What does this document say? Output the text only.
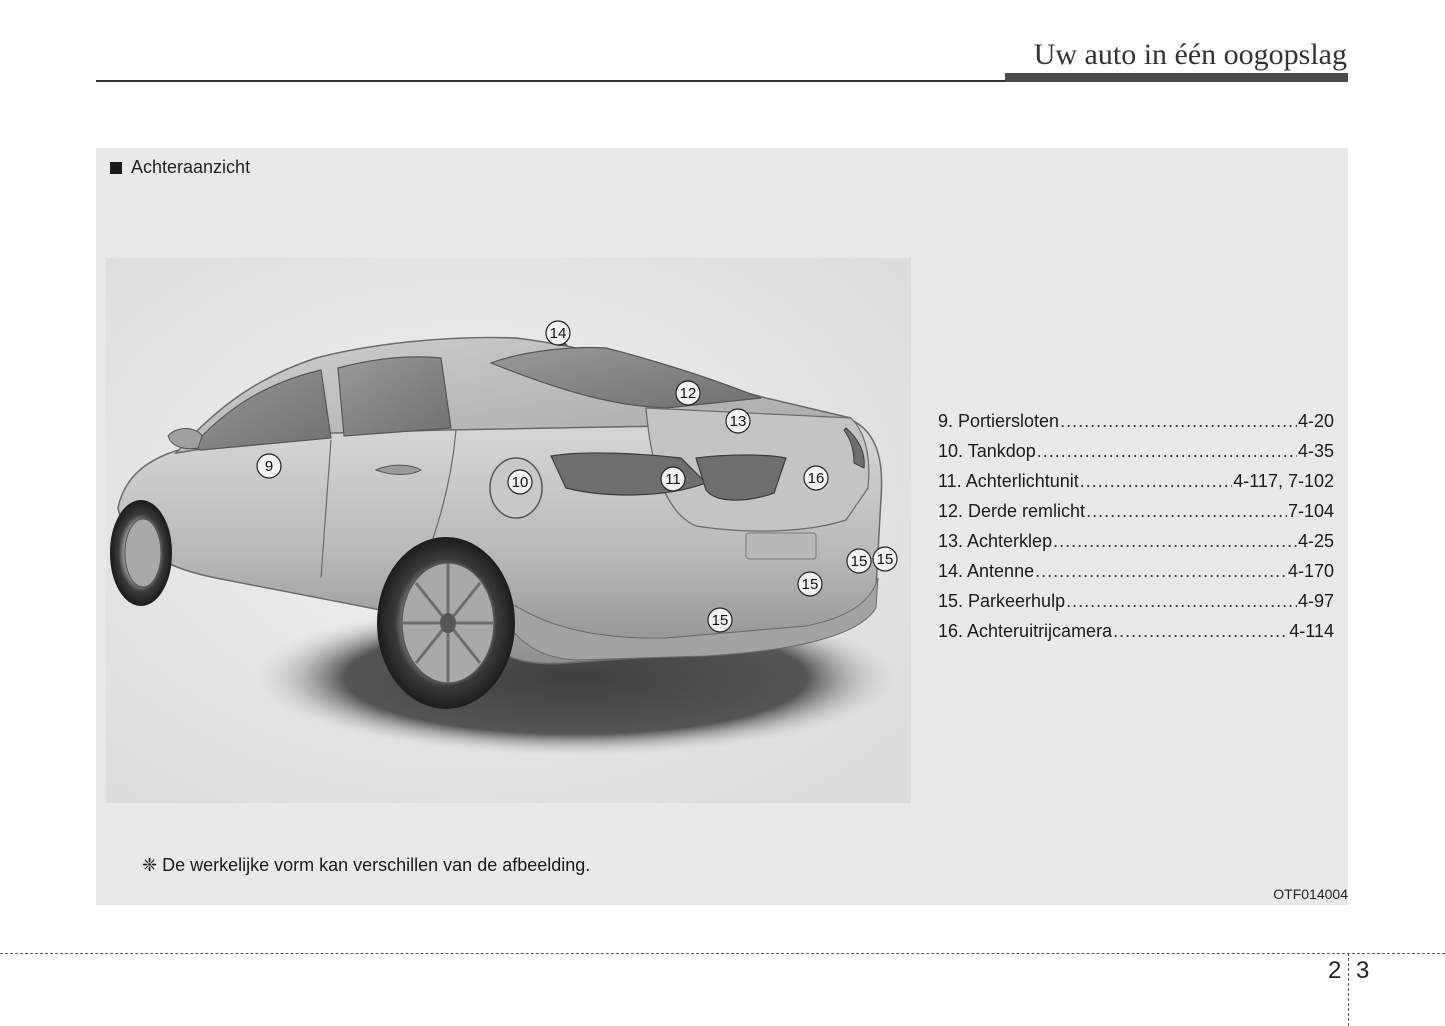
Uw auto in één oogopslag
Achteraanzicht
14
12
13
9
10	11	16
15 15
15
15
9. Portiersloten .....	4-20
10. Tankdop .....	4-35
11. Achterlichtunit .....	4-117, 7-102
12. Derde remlicht .....	7-104
13. Achterklep .....	4-25
14. Antenne .....	4-170
15. Parkeerhulp .....	4-97
16. Achteruitrijcamera .....	4-114
❈ De werkelijke vorm kan verschillen van de afbeelding.
OTF014004
2 3
